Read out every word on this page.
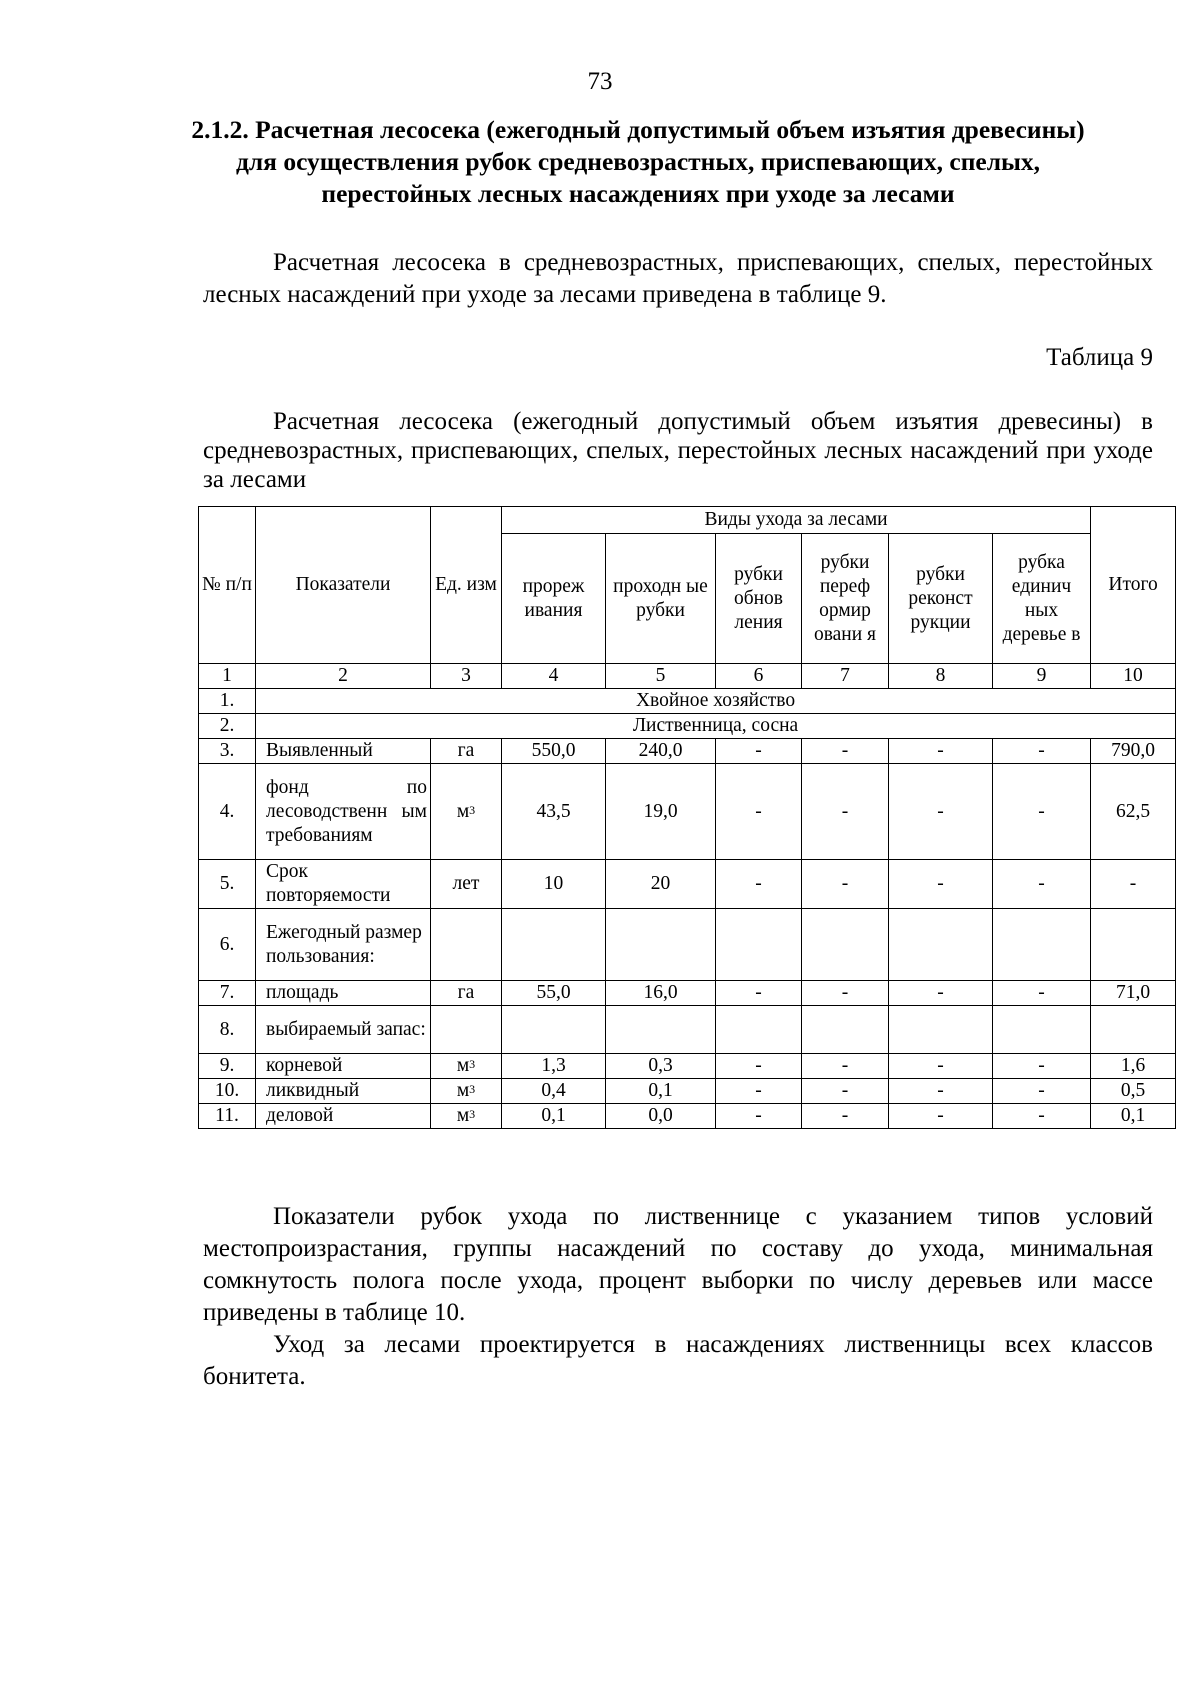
73
2.1.2. Расчетная лесосека (ежегодный допустимый объем изъятия древесины) для осуществления рубок средневозрастных, приспевающих, спелых, перестойных лесных насаждениях при уходе за лесами

Расчетная лесосека в средневозрастных, приспевающих, спелых, перестойных лесных насаждений при уходе за лесами приведена в таблице 9.

Таблица 9

Расчетная лесосека (ежегодный допустимый объем изъятия древесины) в средневозрастных, приспевающих, спелых, перестойных лесных насаждений при уходе за лесами

№ п/п	Показатели	Ед. изм	Виды ухода за лесами						Итого
			прореж ивания	проходн ые рубки	рубки обнов ления	рубки переф ормир овани я	рубки реконст рукции	рубка единич ных деревье в	
1	2	3	4	5	6	7	8	9	10
1.	Хвойное хозяйство								
2.	Лиственница, сосна								
3.	Выявленный	га	550,0	240,0	-	-	-	-	790,0
4.	фонд по лесоводственн ым требованиям	$м^3$	43,5	19,0	-	-	-	-	62,5
5.	Срок повторяемости	лет	10	20	-	-	-	-	-
6.	Ежегодный размер пользования:								
7.	площадь	га	55,0	16,0	-	-	-	-	71,0
8.	выбираемый запас:								
9.	корневой	$м^3$	1,3	0,3	-	-	-	-	1,6
10.	ликвидный	$м^3$	0,4	0,1	-	-	-	-	0,5
11.	деловой	$м^3$	0,1	0,0	-	-	-	-	0,1

Показатели рубок ухода по лиственнице с указанием типов условий местопроизрастания, группы насаждений по составу до ухода, минимальная сомкнутость полога после ухода, процент выборки по числу деревьев или массе приведены в таблице 10.

Уход за лесами проектируется в насаждениях лиственницы всех классов бонитета.
